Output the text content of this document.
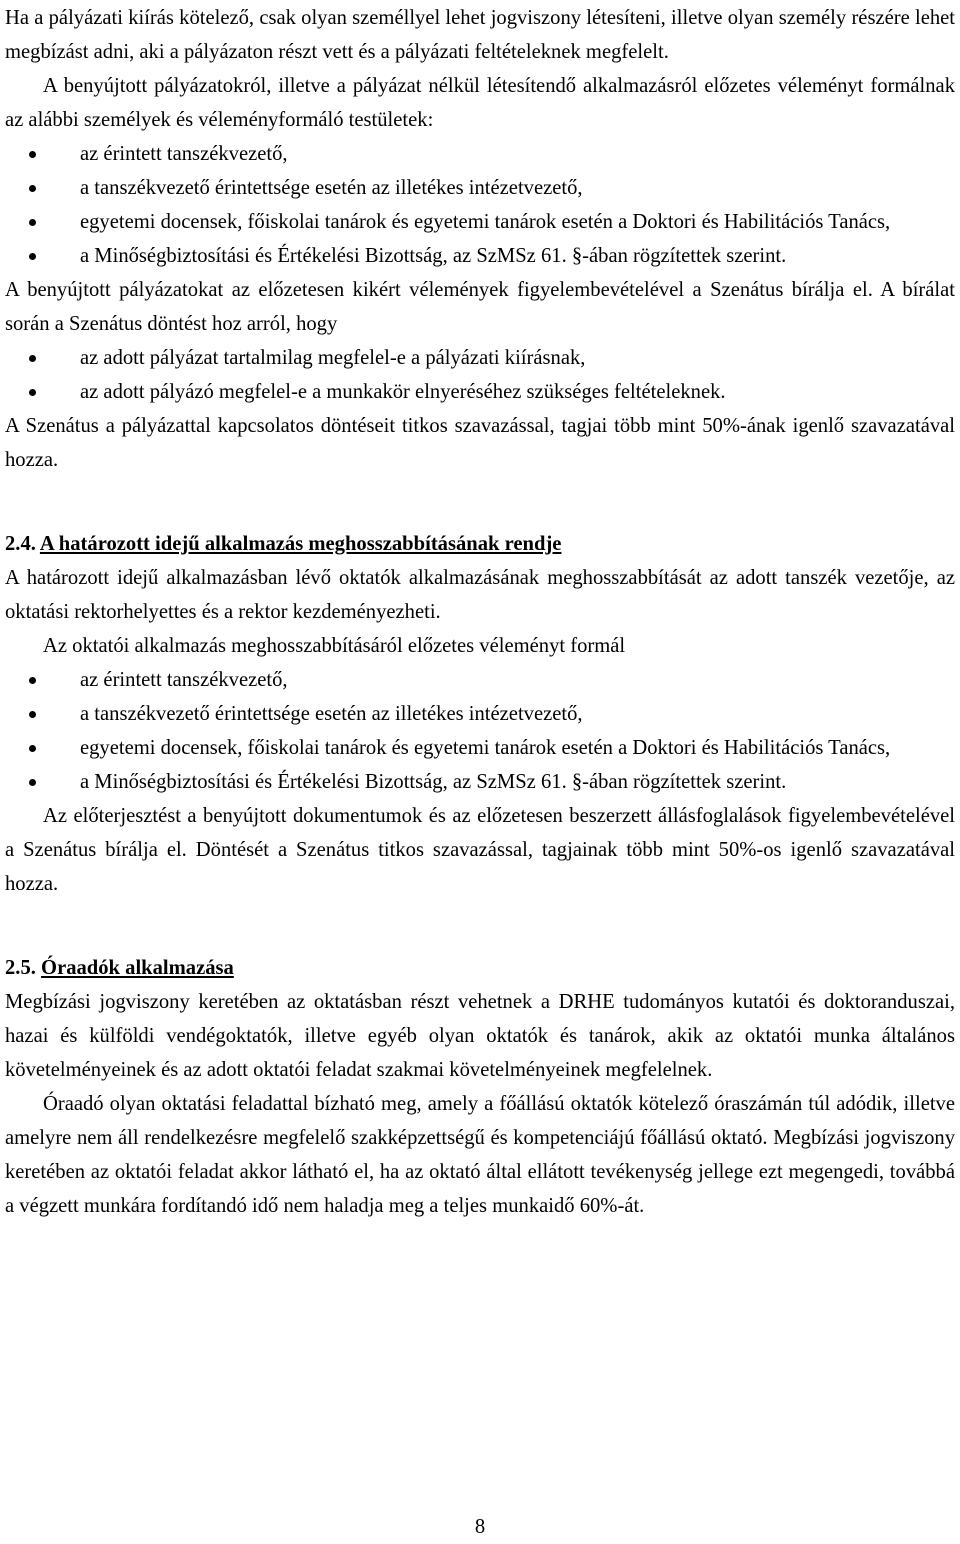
Ha a pályázati kiírás kötelező, csak olyan személlyel lehet jogviszony létesíteni, illetve olyan személy részére lehet megbízást adni, aki a pályázaton részt vett és a pályázati feltételeknek megfelelt.

A benyújtott pályázatokról, illetve a pályázat nélkül létesítendő alkalmazásról előzetes véleményt formálnak az alábbi személyek és véleményformáló testületek:

az érintett tanszékvezető,
a tanszékvezető érintettsége esetén az illetékes intézetvezető,
egyetemi docensek, főiskolai tanárok és egyetemi tanárok esetén a Doktori és Habilitációs Tanács,
a Minőségbiztosítási és Értékelési Bizottság, az SzMSz 61. §-ában rögzítettek szerint.

A benyújtott pályázatokat az előzetesen kikért vélemények figyelembevételével a Szenátus bírálja el. A bírálat során a Szenátus döntést hoz arról, hogy

az adott pályázat tartalmilag megfelel-e a pályázati kiírásnak,
az adott pályázó megfelel-e a munkakör elnyeréséhez szükséges feltételeknek.

A Szenátus a pályázattal kapcsolatos döntéseit titkos szavazással, tagjai több mint 50%-ának igenlő szavazatával hozza.

2.4. A határozott idejű alkalmazás meghosszabbításának rendje

A határozott idejű alkalmazásban lévő oktatók alkalmazásának meghosszabbítását az adott tanszék vezetője, az oktatási rektorhelyettes és a rektor kezdeményezheti.

Az oktatói alkalmazás meghosszabbításáról előzetes véleményt formál

az érintett tanszékvezető,
a tanszékvezető érintettsége esetén az illetékes intézetvezető,
egyetemi docensek, főiskolai tanárok és egyetemi tanárok esetén a Doktori és Habilitációs Tanács,
a Minőségbiztosítási és Értékelési Bizottság, az SzMSz 61. §-ában rögzítettek szerint.

Az előterjesztést a benyújtott dokumentumok és az előzetesen beszerzett állásfoglalások figyelembevételével a Szenátus bírálja el. Döntését a Szenátus titkos szavazással, tagjainak több mint 50%-os igenlő szavazatával hozza.

2.5. Óraadók alkalmazása

Megbízási jogviszony keretében az oktatásban részt vehetnek a DRHE tudományos kutatói és doktoranduszai, hazai és külföldi vendégoktatók, illetve egyéb olyan oktatók és tanárok, akik az oktatói munka általános követelményeinek és az adott oktatói feladat szakmai követelményeinek megfelelnek.

Óraadó olyan oktatási feladattal bízható meg, amely a főállású oktatók kötelező óraszámán túl adódik, illetve amelyre nem áll rendelkezésre megfelelő szakképzettségű és kompetenciájú főállású oktató. Megbízási jogviszony keretében az oktatói feladat akkor látható el, ha az oktató által ellátott tevékenység jellege ezt megengedi, továbbá a végzett munkára fordítandó idő nem haladja meg a teljes munkaidő 60%-át.

8
